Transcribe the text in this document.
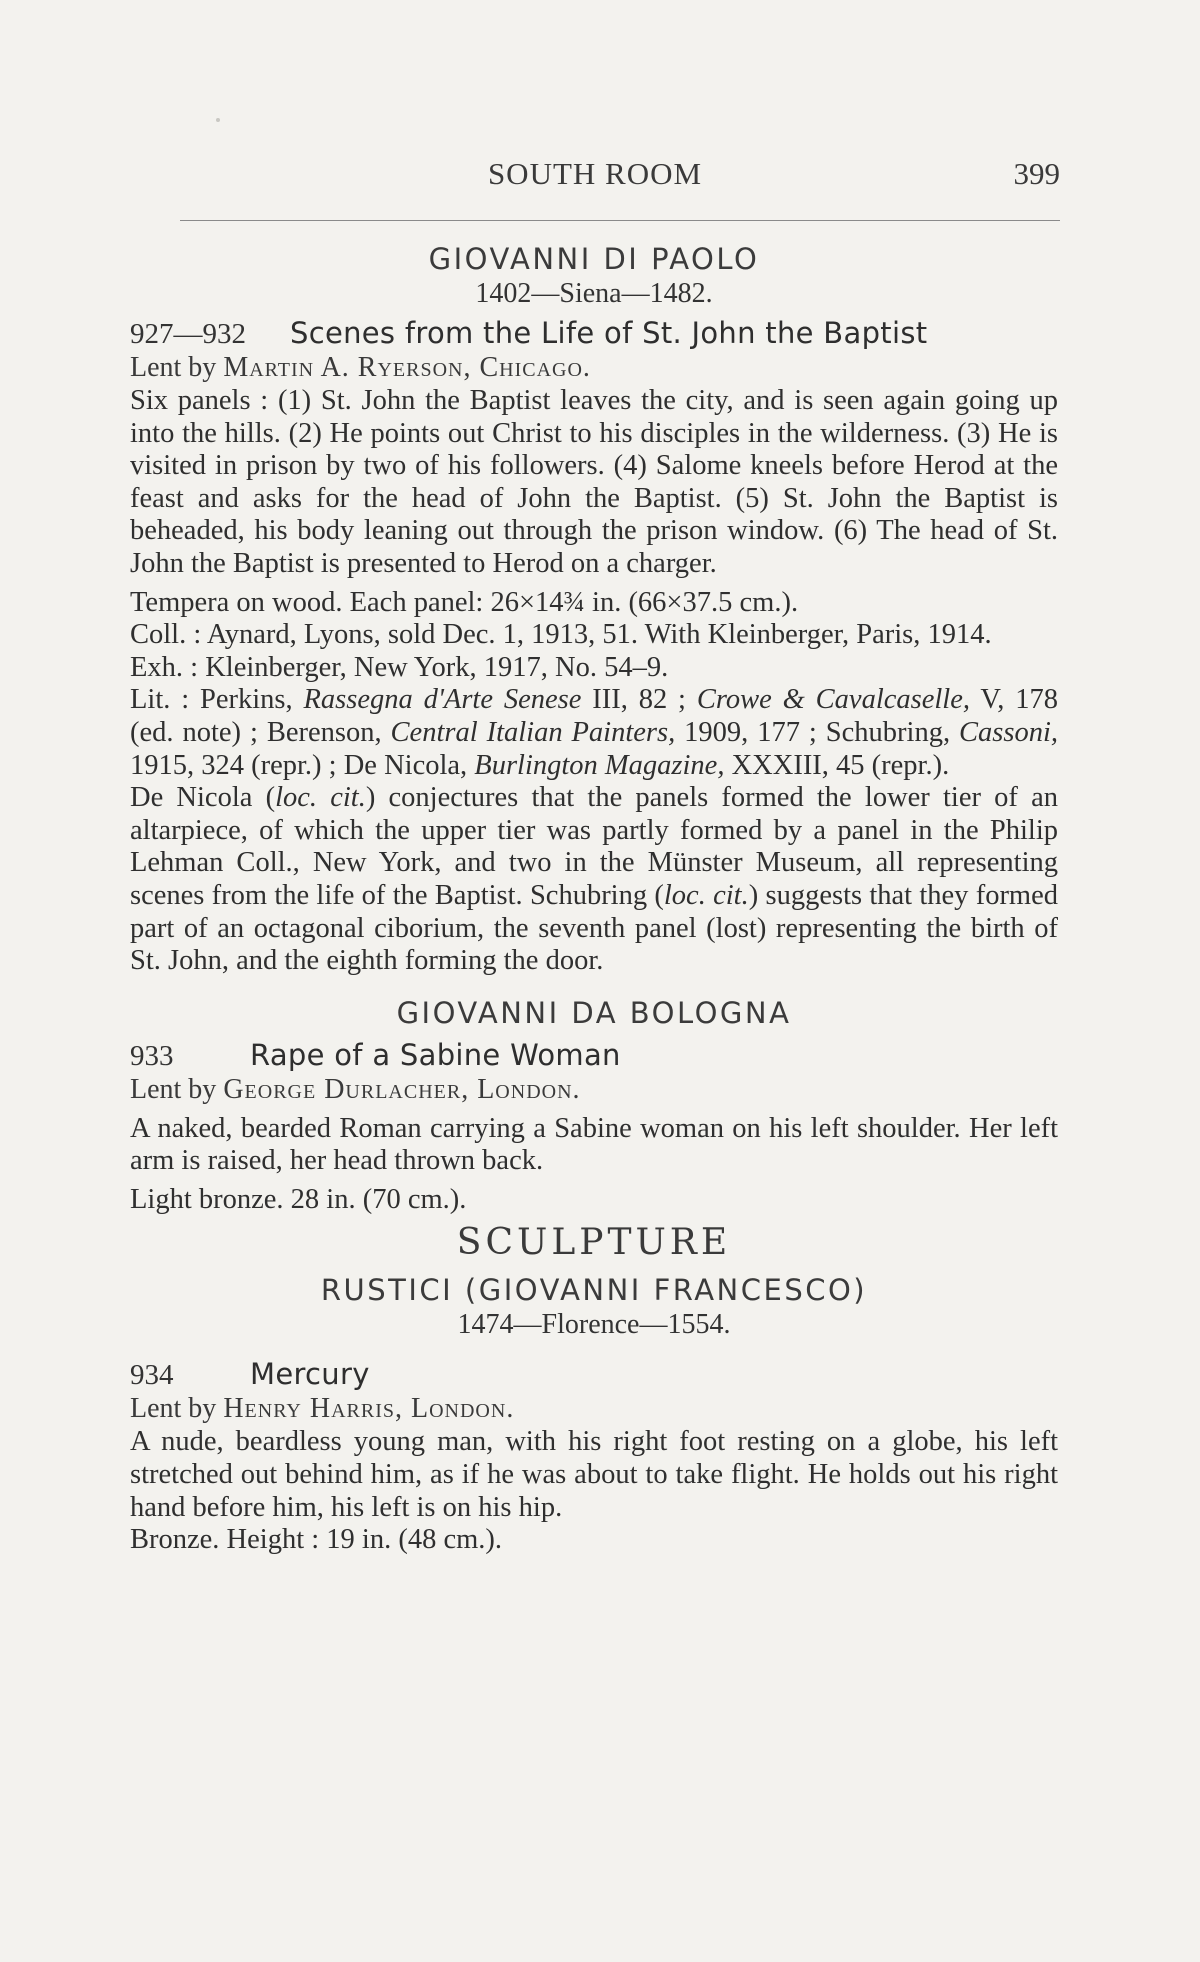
SOUTH ROOM	399
GIOVANNI DI PAOLO
1402—Siena—1482.
927—932	Scenes from the Life of St. John the Baptist
Lent by Martin A. Ryerson, Chicago.

Six panels : (1) St. John the Baptist leaves the city, and is seen again going up into the hills. (2) He points out Christ to his disciples in the wilderness. (3) He is visited in prison by two of his followers. (4) Salome kneels before Herod at the feast and asks for the head of John the Baptist. (5) St. John the Baptist is beheaded, his body leaning out through the prison window. (6) The head of St. John the Baptist is presented to Herod on a charger.

Tempera on wood. Each panel: 26×14¾ in. (66×37.5 cm.).

Coll. : Aynard, Lyons, sold Dec. 1, 1913, 51. With Kleinberger, Paris, 1914.

Exh. : Kleinberger, New York, 1917, No. 54–9.

Lit. : Perkins, Rassegna d'Arte Senese III, 82 ; Crowe & Cavalcaselle, V, 178 (ed. note) ; Berenson, Central Italian Painters, 1909, 177 ; Schubring, Cassoni, 1915, 324 (repr.) ; De Nicola, Burlington Magazine, XXXIII, 45 (repr.).

De Nicola (loc. cit.) conjectures that the panels formed the lower tier of an altarpiece, of which the upper tier was partly formed by a panel in the Philip Lehman Coll., New York, and two in the Münster Museum, all representing scenes from the life of the Baptist. Schubring (loc. cit.) suggests that they formed part of an octagonal ciborium, the seventh panel (lost) representing the birth of St. John, and the eighth forming the door.

GIOVANNI DA BOLOGNA
933	Rape of a Sabine Woman
Lent by George Durlacher, London.

A naked, bearded Roman carrying a Sabine woman on his left shoulder. Her left arm is raised, her head thrown back.

Light bronze. 28 in. (70 cm.).

SCULPTURE
RUSTICI (GIOVANNI FRANCESCO)
1474—Florence—1554.
934	Mercury
Lent by Henry Harris, London.

A nude, beardless young man, with his right foot resting on a globe, his left stretched out behind him, as if he was about to take flight. He holds out his right hand before him, his left is on his hip.

Bronze. Height : 19 in. (48 cm.).
